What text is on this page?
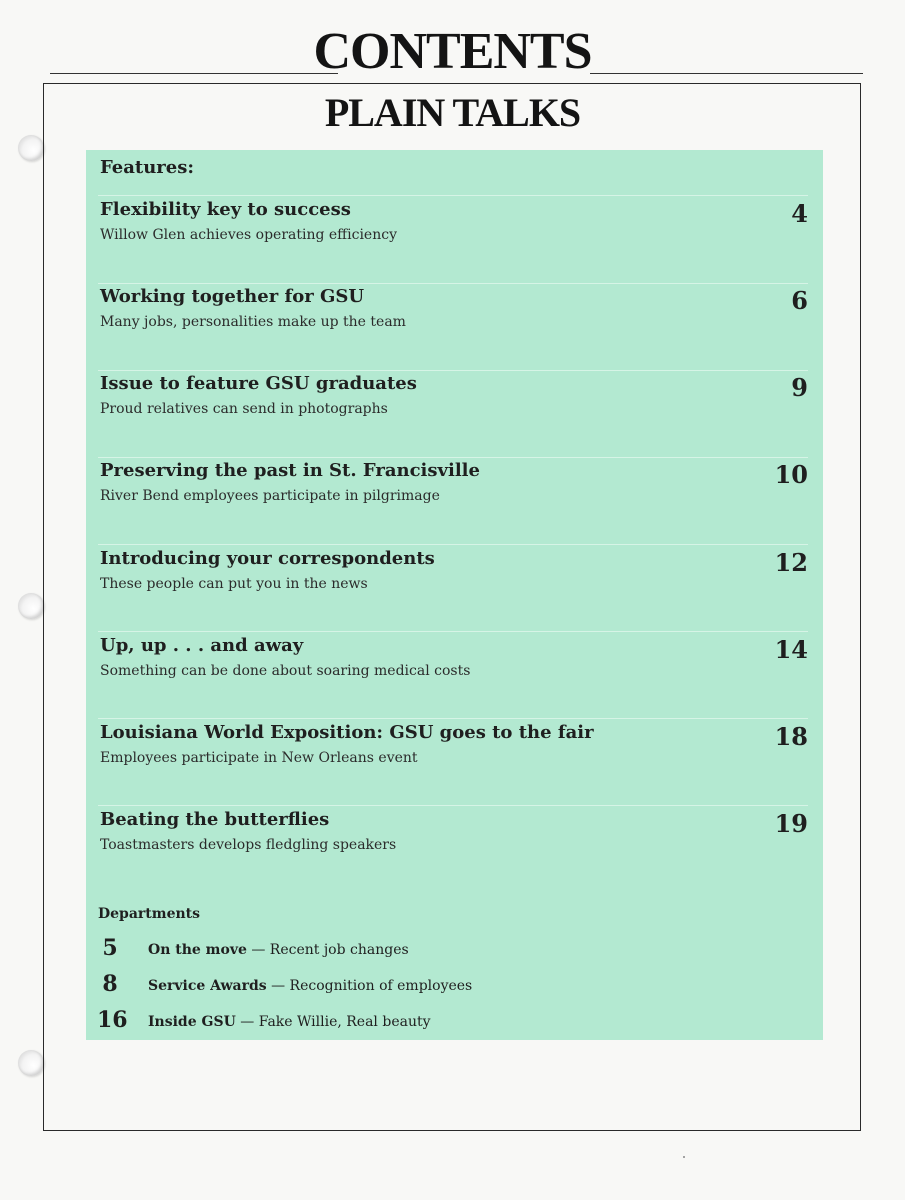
CONTENTS
PLAIN TALKS
Features:
Flexibility key to success
Willow Glen achieves operating efficiency
4
Working together for GSU
Many jobs, personalities make up the team
6
Issue to feature GSU graduates
Proud relatives can send in photographs
9
Preserving the past in St. Francisville
River Bend employees participate in pilgrimage
10
Introducing your correspondents
These people can put you in the news
12
Up, up . . . and away
Something can be done about soaring medical costs
14
Louisiana World Exposition: GSU goes to the fair
Employees participate in New Orleans event
18
Beating the butterflies
Toastmasters develops fledgling speakers
19
Departments
5	On the move — Recent job changes
8	Service Awards — Recognition of employees
16 Inside GSU — Fake Willie, Real beauty
